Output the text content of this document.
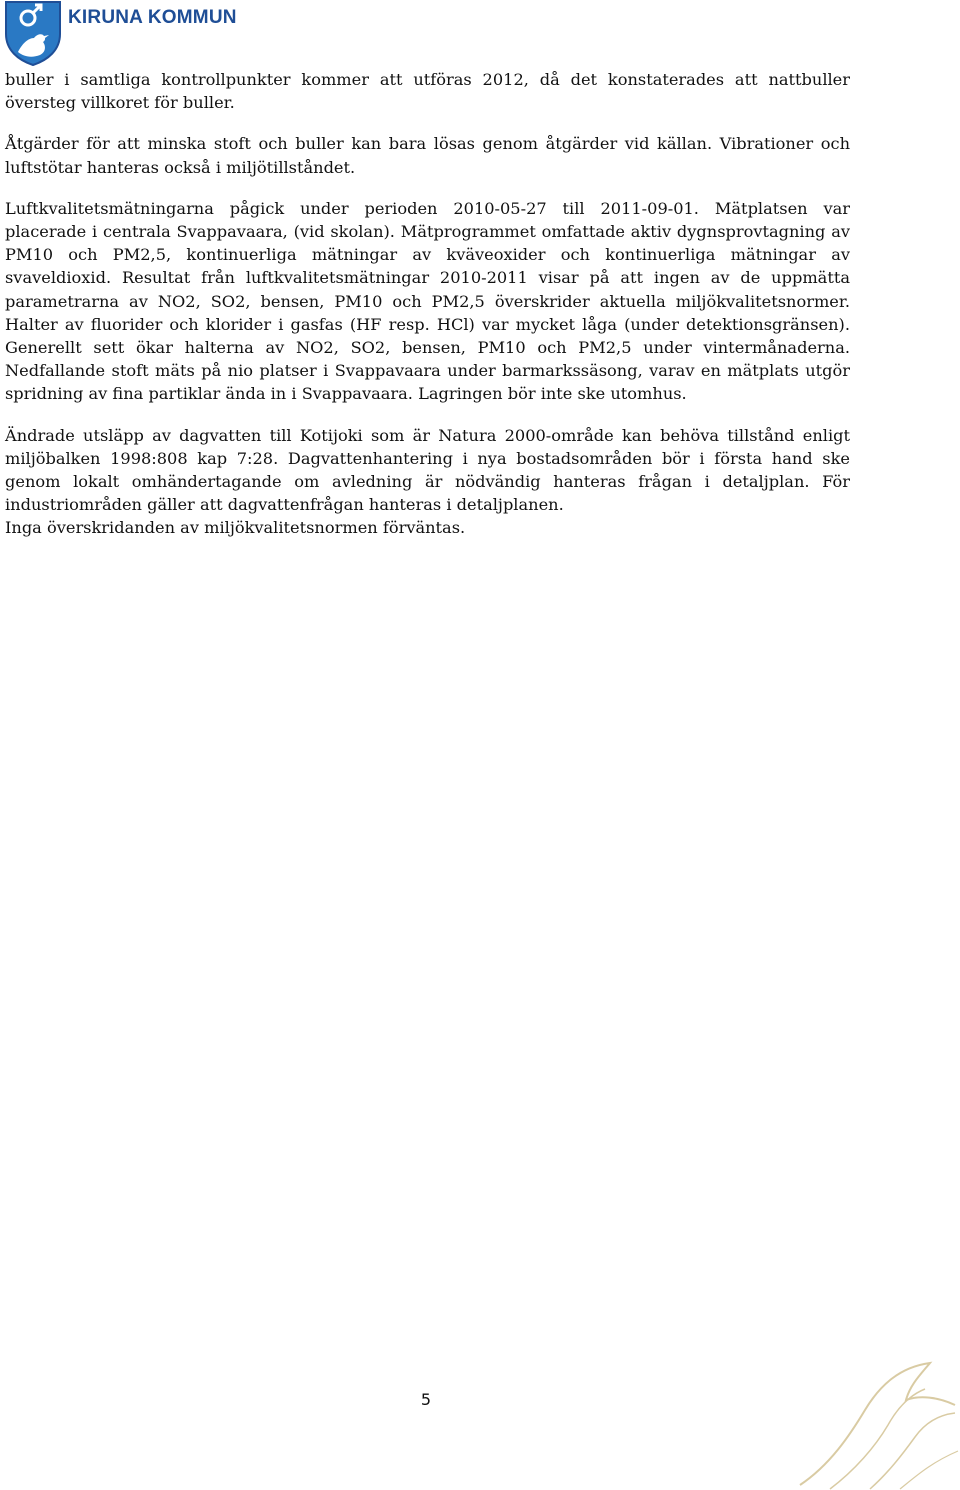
KIRUNA KOMMUN

buller i samtliga kontrollpunkter kommer att utföras 2012, då det konstaterades att nattbuller översteg villkoret för buller.

Åtgärder för att minska stoft och buller kan bara lösas genom åtgärder vid källan. Vibrationer och luftstötar hanteras också i miljötillståndet.

Luftkvalitetsmätningarna pågick under perioden 2010-05-27 till 2011-09-01. Mätplatsen var placerade i centrala Svappavaara, (vid skolan). Mätprogrammet omfattade aktiv dygnsprovtagning av PM10 och PM2,5, kontinuerliga mätningar av kväveoxider och kontinuerliga mätningar av svaveldioxid. Resultat från luftkvalitetsmätningar 2010-2011 visar på att ingen av de uppmätta parametrarna av NO2, SO2, bensen, PM10 och PM2,5 överskrider aktuella miljökvalitetsnormer. Halter av fluorider och klorider i gasfas (HF resp. HCl) var mycket låga (under detektionsgränsen). Generellt sett ökar halterna av NO2, SO2, bensen, PM10 och PM2,5 under vintermånaderna. Nedfallande stoft mäts på nio platser i Svappavaara under barmarkssäsong, varav en mätplats utgör spridning av fina partiklar ända in i Svappavaara. Lagringen bör inte ske utomhus.

Ändrade utsläpp av dagvatten till Kotijoki som är Natura 2000-område kan behöva tillstånd enligt miljöbalken 1998:808 kap 7:28. Dagvattenhantering i nya bostadsområden bör i första hand ske genom lokalt omhändertagande om avledning är nödvändig hanteras frågan i detaljplan. För industriområden gäller att dagvattenfrågan hanteras i detaljplanen.

Inga överskridanden av miljökvalitetsnormen förväntas.

5
